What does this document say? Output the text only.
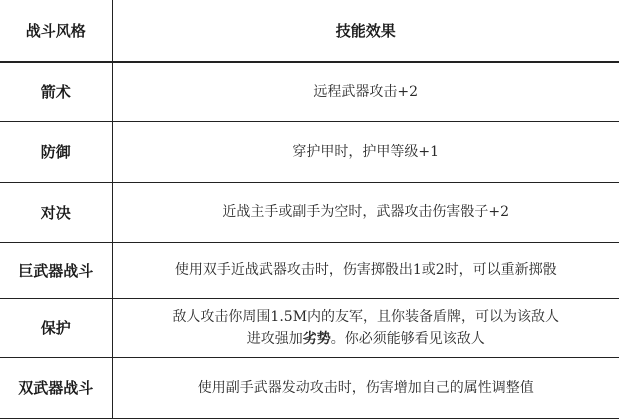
战斗风格	技能效果
箭术	远程武器攻击+2
防御	穿护甲时，护甲等级+1
对决	近战主手或副手为空时，武器攻击伤害骰子+2
巨武器战斗	使用双手近战武器攻击时，伤害掷骰出1或2时，可以重新掷骰
保护	敌人攻击你周围1.5M内的友军，且你装备盾牌，可以为该敌人
进攻强加劣势。你必须能够看见该敌人

双武器战斗	使用副手武器发动攻击时，伤害增加自己的属性调整值
